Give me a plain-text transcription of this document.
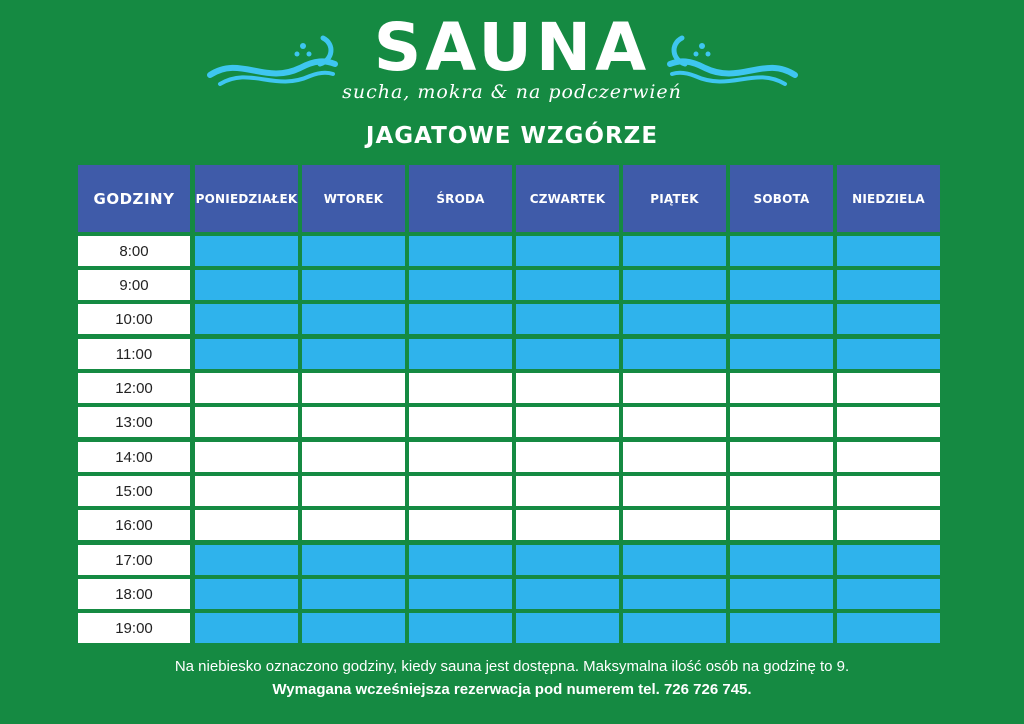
SAUNA
sucha, mokra & na podczerwień
JAGATOWE WZGÓRZE
GODZINY	PONIEDZIAŁEK	WTOREK	ŚRODA	CZWARTEK	PIĄTEK	SOBOTA	NIEDZIELA
8:00
9:00
10:00
11:00
12:00
13:00
14:00
15:00
16:00
17:00
18:00
19:00
Na niebiesko oznaczono godziny, kiedy sauna jest dostępna. Maksymalna ilość osób na godzinę to 9.
Wymagana wcześniejsza rezerwacja pod numerem tel. 726 726 745.
